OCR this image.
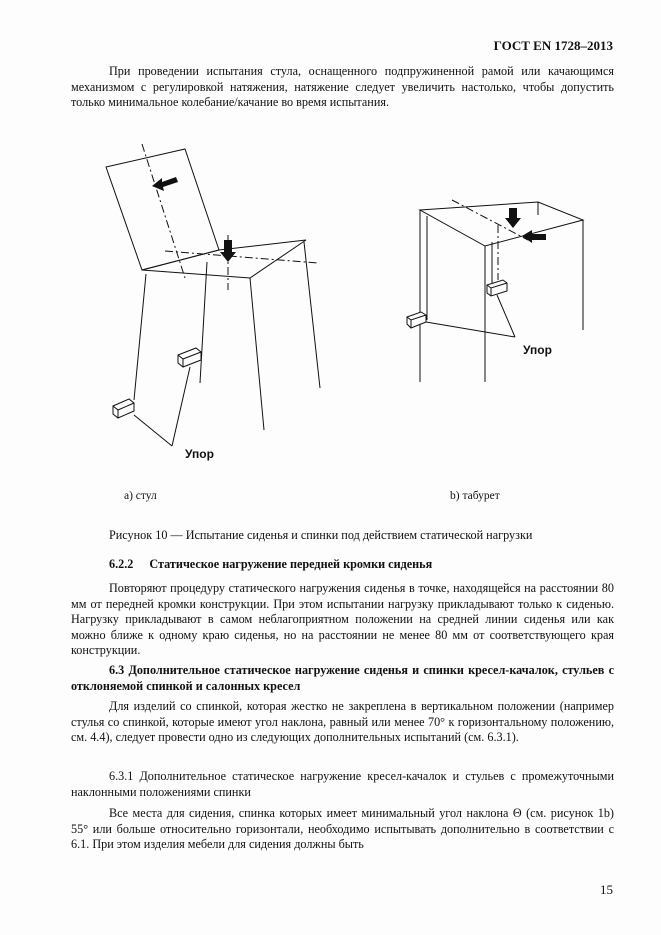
ГОСТ EN 1728–2013

При проведении испытания стула, оснащенного подпружиненной рамой или качающимся механизмом с регулировкой натяжения, натяжение следует увеличить настолько, чтобы допустить только минимальное колебание/качание во время испытания.

Упор
Упор
а) стул	b) табурет
Рисунок 10 — Испытание сиденья и спинки под действием статической нагрузки

6.2.2 Статическое нагружение передней кромки сиденья

Повторяют процедуру статического нагружения сиденья в точке, находящейся на расстоянии 80 мм от передней кромки конструкции. При этом испытании нагрузку прикладывают только к сиденью. Нагрузку прикладывают в самом неблагоприятном положении на средней линии сиденья или как можно ближе к одному краю сиденья, но на расстоянии не менее 80 мм от соответствующего края конструкции.

6.3 Дополнительное статическое нагружение сиденья и спинки кресел-качалок, стульев с отклоняемой спинкой и салонных кресел

Для изделий со спинкой, которая жестко не закреплена в вертикальном положении (например стулья со спинкой, которые имеют угол наклона, равный или менее 70° к горизонтальному положению, см. 4.4), следует провести одно из следующих дополнительных испытаний (см. 6.3.1).

6.3.1 Дополнительное статическое нагружение кресел-качалок и стульев с промежуточными наклонными положениями спинки

Все места для сидения, спинка которых имеет минимальный угол наклона Θ (см. рисунок 1b) 55° или больше относительно горизонтали, необходимо испытывать дополнительно в соответствии с 6.1. При этом изделия мебели для сидения должны быть

15
